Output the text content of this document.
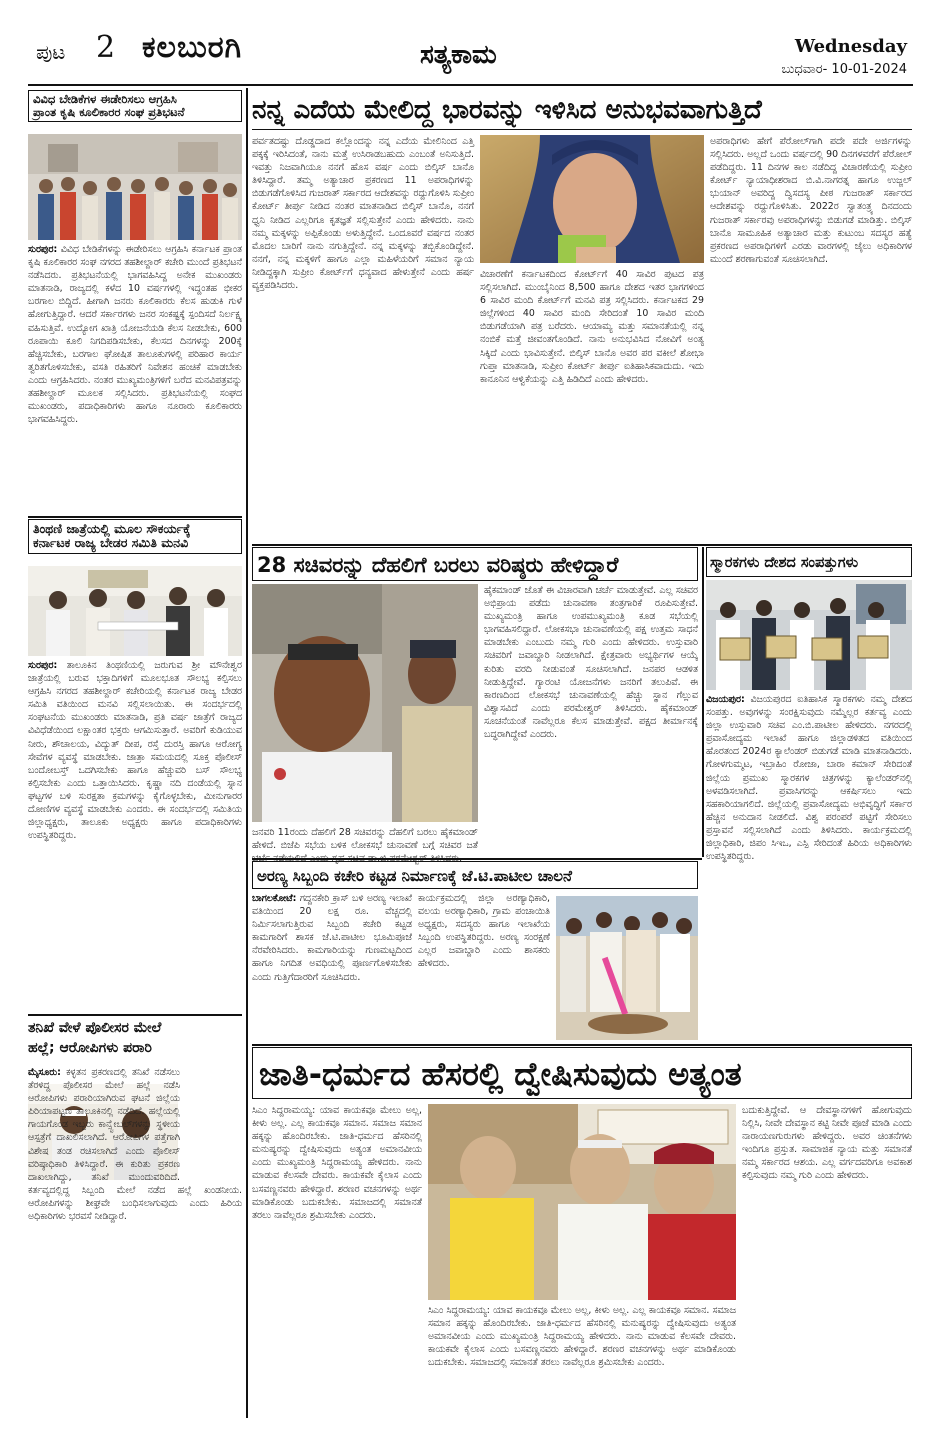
ಪುಟ 2 ಕಲಬುರಗಿ	ಸತ್ಯಕಾಮ	Wednesday
ಬುಧವಾರ- 10-01-2024
ವಿವಿಧ ಬೇಡಿಕೆಗಳ ಈಡೇರಿಸಲು ಆಗ್ರಹಿಸಿ
ಪ್ರಾಂತ ಕೃಷಿ ಕೂಲಿಕಾರರ ಸಂಘ ಪ್ರತಿಭಟನೆ
ಸುರಪುರ: ವಿವಿಧ ಬೇಡಿಕೆಗಳನ್ನು ಈಡೇರಿಸಲು ಆಗ್ರಹಿಸಿ ಕರ್ನಾಟಕ ಪ್ರಾಂತ ಕೃಷಿ ಕೂಲಿಕಾರರ ಸಂಘ ನಗರದ ತಹಶೀಲ್ದಾರ್ ಕಚೇರಿ ಮುಂದೆ ಪ್ರತಿಭಟನೆ ನಡೆಸಿದರು. ಪ್ರತಿಭಟನೆಯಲ್ಲಿ ಭಾಗವಹಿಸಿದ್ದ ಅನೇಕ ಮುಖಂಡರು ಮಾತನಾಡಿ, ರಾಜ್ಯದಲ್ಲಿ ಕಳೆದ 10 ವರ್ಷಗಳಲ್ಲಿ ಇದ್ದಂತಹ ಭೀಕರ ಬರಗಾಲ ಬಿದ್ದಿದೆ. ಹೀಗಾಗಿ ಜನರು ಕೂಲಿಕಾರರು ಕೆಲಸ ಹುಡುಕಿ ಗುಳೆ ಹೋಗುತ್ತಿದ್ದಾರೆ. ಆದರೆ ಸರ್ಕಾರಗಳು ಜನರ ಸಂಕಷ್ಟಕ್ಕೆ ಸ್ಪಂದಿಸದೆ ನಿರ್ಲಕ್ಷ್ಯ ವಹಿಸುತ್ತಿವೆ. ಉದ್ಯೋಗ ಖಾತ್ರಿ ಯೋಜನೆಯಡಿ ಕೆಲಸ ನೀಡಬೇಕು, 600 ರೂಪಾಯಿ ಕೂಲಿ ನಿಗದಿಪಡಿಸಬೇಕು, ಕೆಲಸದ ದಿನಗಳನ್ನು 200ಕ್ಕೆ ಹೆಚ್ಚಿಸಬೇಕು, ಬರಗಾಲ ಘೋಷಿತ ತಾಲೂಕುಗಳಲ್ಲಿ ಪರಿಹಾರ ಕಾರ್ಯ ತ್ವರಿತಗೊಳಿಸಬೇಕು, ವಸತಿ ರಹಿತರಿಗೆ ನಿವೇಶನ ಹಂಚಿಕೆ ಮಾಡಬೇಕು ಎಂದು ಆಗ್ರಹಿಸಿದರು. ನಂತರ ಮುಖ್ಯಮಂತ್ರಿಗಳಿಗೆ ಬರೆದ ಮನವಿಪತ್ರವನ್ನು ತಹಶೀಲ್ದಾರ್ ಮೂಲಕ ಸಲ್ಲಿಸಿದರು. ಪ್ರತಿಭಟನೆಯಲ್ಲಿ ಸಂಘದ ಮುಖಂಡರು, ಪದಾಧಿಕಾರಿಗಳು ಹಾಗೂ ನೂರಾರು ಕೂಲಿಕಾರರು ಭಾಗವಹಿಸಿದ್ದರು.
ತಿಂಥಣಿ ಜಾತ್ರೆಯಲ್ಲಿ ಮೂಲ ಸೌಕರ್ಯಕ್ಕೆ
ಕರ್ನಾಟಕ ರಾಜ್ಯ ಬೇಡರ ಸಮಿತಿ ಮನವಿ
ಸುರಪುರ: ತಾಲೂಕಿನ ತಿಂಥಣಿಯಲ್ಲಿ ಜರುಗುವ ಶ್ರೀ ಮೌನೇಶ್ವರ ಜಾತ್ರೆಯಲ್ಲಿ ಬರುವ ಭಕ್ತಾದಿಗಳಿಗೆ ಮೂಲಭೂತ ಸೌಲಭ್ಯ ಕಲ್ಪಿಸಲು ಆಗ್ರಹಿಸಿ ನಗರದ ತಹಶೀಲ್ದಾರ್ ಕಚೇರಿಯಲ್ಲಿ ಕರ್ನಾಟಕ ರಾಜ್ಯ ಬೇಡರ ಸಮಿತಿ ವತಿಯಿಂದ ಮನವಿ ಸಲ್ಲಿಸಲಾಯಿತು. ಈ ಸಂದರ್ಭದಲ್ಲಿ ಸಂಘಟನೆಯ ಮುಖಂಡರು ಮಾತನಾಡಿ, ಪ್ರತಿ ವರ್ಷ ಜಾತ್ರೆಗೆ ರಾಜ್ಯದ ವಿವಿಧೆಡೆಯಿಂದ ಲಕ್ಷಾಂತರ ಭಕ್ತರು ಆಗಮಿಸುತ್ತಾರೆ. ಅವರಿಗೆ ಕುಡಿಯುವ ನೀರು, ಶೌಚಾಲಯ, ವಿದ್ಯುತ್ ದೀಪ, ರಸ್ತೆ ದುರಸ್ತಿ ಹಾಗೂ ಆರೋಗ್ಯ ಸೇವೆಗಳ ವ್ಯವಸ್ಥೆ ಮಾಡಬೇಕು. ಜಾತ್ರಾ ಸಮಯದಲ್ಲಿ ಸೂಕ್ತ ಪೊಲೀಸ್ ಬಂದೋಬಸ್ತ್ ಒದಗಿಸಬೇಕು ಹಾಗೂ ಹೆಚ್ಚುವರಿ ಬಸ್ ಸೌಲಭ್ಯ ಕಲ್ಪಿಸಬೇಕು ಎಂದು ಒತ್ತಾಯಿಸಿದರು. ಕೃಷ್ಣಾ ನದಿ ದಂಡೆಯಲ್ಲಿ ಸ್ನಾನ ಘಟ್ಟಗಳ ಬಳಿ ಸುರಕ್ಷತಾ ಕ್ರಮಗಳನ್ನು ಕೈಗೊಳ್ಳಬೇಕು, ಮೀನುಗಾರರ ದೋಣಿಗಳ ವ್ಯವಸ್ಥೆ ಮಾಡಬೇಕು ಎಂದರು. ಈ ಸಂದರ್ಭದಲ್ಲಿ ಸಮಿತಿಯ ಜಿಲ್ಲಾಧ್ಯಕ್ಷರು, ತಾಲೂಕು ಅಧ್ಯಕ್ಷರು ಹಾಗೂ ಪದಾಧಿಕಾರಿಗಳು ಉಪಸ್ಥಿತರಿದ್ದರು.
ತನಿಖೆ ವೇಳೆ ಪೊಲೀಸರ ಮೇಲೆ
ಹಲ್ಲೆ; ಆರೋಪಿಗಳು ಪರಾರಿ
ಮೈಸೂರು: ಕಳ್ಳತನ ಪ್ರಕರಣದಲ್ಲಿ ತನಿಖೆ ನಡೆಸಲು ತೆರಳಿದ್ದ ಪೊಲೀಸರ ಮೇಲೆ ಹಲ್ಲೆ ನಡೆಸಿ ಆರೋಪಿಗಳು ಪರಾರಿಯಾಗಿರುವ ಘಟನೆ ಜಿಲ್ಲೆಯ ಪಿರಿಯಾಪಟ್ಟಣ ತಾಲೂಕಿನಲ್ಲಿ ನಡೆದಿದೆ. ಹಲ್ಲೆಯಲ್ಲಿ ಗಾಯಗೊಂಡ ಇಬ್ಬರು ಕಾನ್ಸ್ಟೇಬಲ್‌ಗಳನ್ನು ಸ್ಥಳೀಯ ಆಸ್ಪತ್ರೆಗೆ ದಾಖಲಿಸಲಾಗಿದೆ. ಆರೋಪಿಗಳ ಪತ್ತೆಗಾಗಿ ವಿಶೇಷ ತಂಡ ರಚಿಸಲಾಗಿದೆ ಎಂದು ಪೊಲೀಸ್ ವರಿಷ್ಠಾಧಿಕಾರಿ ತಿಳಿಸಿದ್ದಾರೆ. ಈ ಕುರಿತು ಪ್ರಕರಣ ದಾಖಲಾಗಿದ್ದು, ತನಿಖೆ ಮುಂದುವರಿದಿದೆ. ಕರ್ತವ್ಯದಲ್ಲಿದ್ದ ಸಿಬ್ಬಂದಿ ಮೇಲೆ ನಡೆದ ಹಲ್ಲೆ ಖಂಡನೀಯ. ಆರೋಪಿಗಳನ್ನು ಶೀಘ್ರವೇ ಬಂಧಿಸಲಾಗುವುದು ಎಂದು ಹಿರಿಯ ಅಧಿಕಾರಿಗಳು ಭರವಸೆ ನೀಡಿದ್ದಾರೆ.
ನನ್ನ ಎದೆಯ ಮೇಲಿದ್ದ ಭಾರವನ್ನು ಇಳಿಸಿದ ಅನುಭವವಾಗುತ್ತಿದೆ
ಪರ್ವತದಷ್ಟು ದೊಡ್ಡದಾದ ಕಲ್ಲೊಂದನ್ನು ನನ್ನ ಎದೆಯ ಮೇಲಿನಿಂದ ಎತ್ತಿ ಪಕ್ಕಕ್ಕೆ ಇರಿಸಿದಂತೆ, ನಾನು ಮತ್ತೆ ಉಸಿರಾಡಬಹುದು ಎಂಬಂತೆ ಅನಿಸುತ್ತಿದೆ. ಇವತ್ತು ನಿಜವಾಗಿಯೂ ನನಗೆ ಹೊಸ ವರ್ಷ ಎಂದು ಬಿಲ್ಕಿಸ್ ಬಾನೊ ತಿಳಿಸಿದ್ದಾರೆ. ತಮ್ಮ ಅತ್ಯಾಚಾರ ಪ್ರಕರಣದ 11 ಅಪರಾಧಿಗಳನ್ನು ಬಿಡುಗಡೆಗೊಳಿಸಿದ ಗುಜರಾತ್ ಸರ್ಕಾರದ ಆದೇಶವನ್ನು ರದ್ದುಗೊಳಿಸಿ ಸುಪ್ರೀಂ ಕೋರ್ಟ್ ತೀರ್ಪು ನೀಡಿದ ನಂತರ ಮಾತನಾಡಿದ ಬಿಲ್ಕಿಸ್ ಬಾನೊ, ನನಗೆ ಧ್ವನಿ ನೀಡಿದ ಎಲ್ಲರಿಗೂ ಕೃತಜ್ಞತೆ ಸಲ್ಲಿಸುತ್ತೇನೆ ಎಂದು ಹೇಳಿದರು. ನಾನು ನಮ್ಮ ಮಕ್ಕಳನ್ನು ಅಪ್ಪಿಕೊಂಡು ಅಳುತ್ತಿದ್ದೇನೆ. ಒಂದೂವರೆ ವರ್ಷದ ನಂತರ ಮೊದಲ ಬಾರಿಗೆ ನಾನು ನಗುತ್ತಿದ್ದೇನೆ. ನನ್ನ ಮಕ್ಕಳನ್ನು ತಬ್ಬಿಕೊಂಡಿದ್ದೇನೆ. ನನಗೆ, ನನ್ನ ಮಕ್ಕಳಿಗೆ ಹಾಗೂ ಎಲ್ಲಾ ಮಹಿಳೆಯರಿಗೆ ಸಮಾನ ನ್ಯಾಯ ನೀಡಿದ್ದಕ್ಕಾಗಿ ಸುಪ್ರೀಂ ಕೋರ್ಟ್‌ಗೆ ಧನ್ಯವಾದ ಹೇಳುತ್ತೇನೆ ಎಂದು ಹರ್ಷ ವ್ಯಕ್ತಪಡಿಸಿದರು.
ವಿಚಾರಣೆಗೆ ಕರ್ನಾಟಕದಿಂದ ಕೋರ್ಟ್‌ಗೆ 40 ಸಾವಿರ ಪುಟದ ಪತ್ರ ಸಲ್ಲಿಸಲಾಗಿದೆ. ಮುಂಬೈನಿಂದ 8,500 ಹಾಗೂ ದೇಶದ ಇತರ ಭಾಗಗಳಿಂದ 6 ಸಾವಿರ ಮಂದಿ ಕೋರ್ಟ್‌ಗೆ ಮನವಿ ಪತ್ರ ಸಲ್ಲಿಸಿದರು. ಕರ್ನಾಟಕದ 29 ಜಿಲ್ಲೆಗಳಿಂದ 40 ಸಾವಿರ ಮಂದಿ ಸೇರಿದಂತೆ 10 ಸಾವಿರ ಮಂದಿ ಬಿಡುಗಡೆಯಾಗಿ ಪತ್ರ ಬರೆದರು. ಆಯಾಮ್ಯ ಮತ್ತು ಸಮಾನತೆಯಲ್ಲಿ ನನ್ನ ನಂಬಿಕೆ ಮತ್ತೆ ಜೀವಂತಗೊಂಡಿದೆ. ನಾನು ಅನುಭವಿಸಿದ ನೋವಿಗೆ ಅಂತ್ಯ ಸಿಕ್ಕಿದೆ ಎಂದು ಭಾವಿಸುತ್ತೇನೆ. ಬಿಲ್ಕಿಸ್ ಬಾನೊ ಅವರ ಪರ ವಕೀಲೆ ಶೋಭಾ ಗುಪ್ತಾ ಮಾತನಾಡಿ, ಸುಪ್ರೀಂ ಕೋರ್ಟ್ ತೀರ್ಪು ಐತಿಹಾಸಿಕವಾದುದು. ಇದು ಕಾನೂನಿನ ಆಳ್ವಿಕೆಯನ್ನು ಎತ್ತಿ ಹಿಡಿದಿದೆ ಎಂದು ಹೇಳಿದರು.
ಅಪರಾಧಿಗಳು ಹೇಗೆ ಪೆರೋಲ್‌ಗಾಗಿ ಪದೇ ಪದೇ ಅರ್ಜಿಗಳನ್ನು ಸಲ್ಲಿಸಿದರು. ಅಲ್ಲದೆ ಒಂದು ವರ್ಷದಲ್ಲಿ 90 ದಿನಗಳವರೆಗೆ ಪೆರೋಲ್ ಪಡೆದಿದ್ದರು. 11 ದಿನಗಳ ಕಾಲ ನಡೆದಿದ್ದ ವಿಚಾರಣೆಯಲ್ಲಿ ಸುಪ್ರೀಂ ಕೋರ್ಟ್ ನ್ಯಾಯಾಧೀಶರಾದ ಬಿ.ವಿ.ನಾಗರತ್ನ ಹಾಗೂ ಉಜ್ಜಲ್ ಭುಯಾನ್ ಅವರಿದ್ದ ದ್ವಿಸದಸ್ಯ ಪೀಠ ಗುಜರಾತ್ ಸರ್ಕಾರದ ಆದೇಶವನ್ನು ರದ್ದುಗೊಳಿಸಿತು. 2022ರ ಸ್ವಾತಂತ್ರ್ಯ ದಿನದಂದು ಗುಜರಾತ್ ಸರ್ಕಾರವು ಅಪರಾಧಿಗಳನ್ನು ಬಿಡುಗಡೆ ಮಾಡಿತ್ತು. ಬಿಲ್ಕಿಸ್ ಬಾನೊ ಸಾಮೂಹಿಕ ಅತ್ಯಾಚಾರ ಮತ್ತು ಕುಟುಂಬ ಸದಸ್ಯರ ಹತ್ಯೆ ಪ್ರಕರಣದ ಅಪರಾಧಿಗಳಿಗೆ ಎರಡು ವಾರಗಳಲ್ಲಿ ಜೈಲು ಅಧಿಕಾರಿಗಳ ಮುಂದೆ ಶರಣಾಗುವಂತೆ ಸೂಚಿಸಲಾಗಿದೆ.
28 ಸಚಿವರನ್ನು ದೆಹಲಿಗೆ ಬರಲು ವರಿಷ್ಠರು ಹೇಳಿದ್ದಾರೆ
ಜನವರಿ 11ರಂದು ದೆಹಲಿಗೆ 28 ಸಚಿವರನ್ನು ದೆಹಲಿಗೆ ಬರಲು ಹೈಕಮಾಂಡ್ ಹೇಳಿದೆ. ಬಿಜೆಪಿ ಸಭೆಯ ಬಳಿಕ ಲೋಕಸಭೆ ಚುನಾವಣೆ ಬಗ್ಗೆ ಸಚಿವರ ಜತೆ
ಹೈಕಮಾಂಡ್ ಜೊತೆ ಈ ವಿಚಾರವಾಗಿ ಚರ್ಚೆ ಮಾಡುತ್ತೇವೆ. ಎಲ್ಲ ಸಚಿವರ ಅಭಿಪ್ರಾಯ ಪಡೆದು ಚುನಾವಣಾ ತಂತ್ರಗಾರಿಕೆ ರೂಪಿಸುತ್ತೇವೆ. ಮುಖ್ಯಮಂತ್ರಿ ಹಾಗೂ ಉಪಮುಖ್ಯಮಂತ್ರಿ ಕೂಡ ಸಭೆಯಲ್ಲಿ ಭಾಗವಹಿಸಲಿದ್ದಾರೆ. ಲೋಕಸಭಾ ಚುನಾವಣೆಯಲ್ಲಿ ಪಕ್ಷ ಉತ್ತಮ ಸಾಧನೆ ಮಾಡಬೇಕು ಎಂಬುದು ನಮ್ಮ ಗುರಿ ಎಂದು ಹೇಳಿದರು. ಉಸ್ತುವಾರಿ ಸಚಿವರಿಗೆ ಜವಾಬ್ದಾರಿ ನೀಡಲಾಗಿದೆ. ಕ್ಷೇತ್ರವಾರು ಅಭ್ಯರ್ಥಿಗಳ ಆಯ್ಕೆ ಕುರಿತು ವರದಿ ನೀಡುವಂತೆ ಸೂಚಿಸಲಾಗಿದೆ. ಜನಪರ ಆಡಳಿತ ನೀಡುತ್ತಿದ್ದೇವೆ. ಗ್ಯಾರಂಟಿ ಯೋಜನೆಗಳು ಜನರಿಗೆ ತಲುಪಿವೆ. ಈ ಕಾರಣದಿಂದ ಲೋಕಸಭೆ ಚುನಾವಣೆಯಲ್ಲಿ ಹೆಚ್ಚು ಸ್ಥಾನ ಗೆಲ್ಲುವ ವಿಶ್ವಾಸವಿದೆ ಎಂದು ಪರಮೇಶ್ವರ್ ತಿಳಿಸಿದರು. ಹೈಕಮಾಂಡ್ ಸೂಚನೆಯಂತೆ ನಾವೆಲ್ಲರೂ ಕೆಲಸ ಮಾಡುತ್ತೇವೆ. ಪಕ್ಷದ ತೀರ್ಮಾನಕ್ಕೆ ಬದ್ಧರಾಗಿದ್ದೇವೆ ಎಂದರು.
ಸ್ಮಾರಕಗಳು ದೇಶದ ಸಂಪತ್ತುಗಳು
ವಿಜಯಪುರ: ವಿಜಯಪುರದ ಐತಿಹಾಸಿಕ ಸ್ಮಾರಕಗಳು ನಮ್ಮ ದೇಶದ ಸಂಪತ್ತು. ಅವುಗಳನ್ನು ಸಂರಕ್ಷಿಸುವುದು ನಮ್ಮೆಲ್ಲರ ಕರ್ತವ್ಯ ಎಂದು ಜಿಲ್ಲಾ ಉಸ್ತುವಾರಿ ಸಚಿವ ಎಂ.ಬಿ.ಪಾಟೀಲ ಹೇಳಿದರು. ನಗರದಲ್ಲಿ ಪ್ರವಾಸೋದ್ಯಮ ಇಲಾಖೆ ಹಾಗೂ ಜಿಲ್ಲಾಡಳಿತದ ವತಿಯಿಂದ ಹೊರತಂದ 2024ರ ಕ್ಯಾಲೆಂಡರ್ ಬಿಡುಗಡೆ ಮಾಡಿ ಮಾತನಾಡಿದರು. ಗೋಳಗುಮ್ಮಟ, ಇಬ್ರಾಹಿಂ ರೋಜಾ, ಬಾರಾ ಕಮಾನ್ ಸೇರಿದಂತೆ ಜಿಲ್ಲೆಯ ಪ್ರಮುಖ ಸ್ಮಾರಕಗಳ ಚಿತ್ರಗಳನ್ನು ಕ್ಯಾಲೆಂಡರ್‌ನಲ್ಲಿ ಅಳವಡಿಸಲಾಗಿದೆ. ಪ್ರವಾಸಿಗರನ್ನು ಆಕರ್ಷಿಸಲು ಇದು ಸಹಕಾರಿಯಾಗಲಿದೆ. ಜಿಲ್ಲೆಯಲ್ಲಿ ಪ್ರವಾಸೋದ್ಯಮ ಅಭಿವೃದ್ಧಿಗೆ ಸರ್ಕಾರ ಹೆಚ್ಚಿನ ಅನುದಾನ ನೀಡಲಿದೆ. ವಿಶ್ವ ಪರಂಪರೆ ಪಟ್ಟಿಗೆ ಸೇರಿಸಲು ಪ್ರಸ್ತಾವನೆ ಸಲ್ಲಿಸಲಾಗಿದೆ ಎಂದು ತಿಳಿಸಿದರು. ಕಾರ್ಯಕ್ರಮದಲ್ಲಿ ಜಿಲ್ಲಾಧಿಕಾರಿ, ಜಿಪಂ ಸಿಇಒ, ಎಸ್ಪಿ ಸೇರಿದಂತೆ ಹಿರಿಯ ಅಧಿಕಾರಿಗಳು ಉಪಸ್ಥಿತರಿದ್ದರು.
ಅರಣ್ಯ ಸಿಬ್ಬಂದಿ ಕಚೇರಿ ಕಟ್ಟಡ ನಿರ್ಮಾಣಕ್ಕೆ ಜೆ.ಟಿ.ಪಾಟೀಲ ಚಾಲನೆ
ಬಾಗಲಕೋಟೆ: ಗದ್ದನಕೇರಿ ಕ್ರಾಸ್ ಬಳಿ ಅರಣ್ಯ ಇಲಾಖೆ ವತಿಯಿಂದ 20 ಲಕ್ಷ ರೂ. ವೆಚ್ಚದಲ್ಲಿ ನಿರ್ಮಿಸಲಾಗುತ್ತಿರುವ ಸಿಬ್ಬಂದಿ ಕಚೇರಿ ಕಟ್ಟಡ ಕಾಮಗಾರಿಗೆ ಶಾಸಕ ಜೆ.ಟಿ.ಪಾಟೀಲ ಭೂಮಿಪೂಜೆ ನೆರವೇರಿಸಿದರು. ಕಾಮಗಾರಿಯನ್ನು ಗುಣಮಟ್ಟದಿಂದ ಹಾಗೂ ನಿಗದಿತ ಅವಧಿಯಲ್ಲಿ ಪೂರ್ಣಗೊಳಿಸಬೇಕು ಎಂದು ಗುತ್ತಿಗೆದಾರರಿಗೆ ಸೂಚಿಸಿದರು.
ಕಾರ್ಯಕ್ರಮದಲ್ಲಿ ಜಿಲ್ಲಾ ಅರಣ್ಯಾಧಿಕಾರಿ, ವಲಯ ಅರಣ್ಯಾಧಿಕಾರಿ, ಗ್ರಾಮ ಪಂಚಾಯಿತಿ ಅಧ್ಯಕ್ಷರು, ಸದಸ್ಯರು ಹಾಗೂ ಇಲಾಖೆಯ ಸಿಬ್ಬಂದಿ ಉಪಸ್ಥಿತರಿದ್ದರು. ಅರಣ್ಯ ಸಂರಕ್ಷಣೆ ಎಲ್ಲರ ಜವಾಬ್ದಾರಿ ಎಂದು ಶಾಸಕರು ಹೇಳಿದರು.
ಜಾತಿ-ಧರ್ಮದ ಹೆಸರಲ್ಲಿ ದ್ವೇಷಿಸುವುದು ಅತ್ಯಂತ
ಸಿಎಂ ಸಿದ್ದರಾಮಯ್ಯ: ಯಾವ ಕಾಯಕವೂ ಮೇಲು ಅಲ್ಲ, ಕೀಳು ಅಲ್ಲ. ಎಲ್ಲ ಕಾಯಕವೂ ಸಮಾನ. ಸಮಾಜ ಸಮಾನ ಹಕ್ಕನ್ನು ಹೊಂದಿರಬೇಕು. ಜಾತಿ-ಧರ್ಮದ ಹೆಸರಿನಲ್ಲಿ ಮನುಷ್ಯರನ್ನು ದ್ವೇಷಿಸುವುದು ಅತ್ಯಂತ ಅಮಾನವೀಯ ಎಂದು ಮುಖ್ಯಮಂತ್ರಿ ಸಿದ್ದರಾಮಯ್ಯ ಹೇಳಿದರು. ನಾನು ಮಾಡುವ ಕೆಲಸವೇ ದೇವರು. ಕಾಯಕವೇ ಕೈಲಾಸ ಎಂದು ಬಸವಣ್ಣನವರು ಹೇಳಿದ್ದಾರೆ. ಶರಣರ ವಚನಗಳನ್ನು ಅರ್ಥ ಮಾಡಿಕೊಂಡು ಬದುಕಬೇಕು. ಸಮಾಜದಲ್ಲಿ ಸಮಾನತೆ ತರಲು ನಾವೆಲ್ಲರೂ ಶ್ರಮಿಸಬೇಕು ಎಂದರು.
ಸಿಎಂ ಸಿದ್ದರಾಮಯ್ಯ: ಯಾವ ಕಾಯಕವೂ ಮೇಲು ಅಲ್ಲ, ಕೀಳು ಅಲ್ಲ. ಎಲ್ಲ ಕಾಯಕವೂ ಸಮಾನ. ಸಮಾಜ ಸಮಾನ ಹಕ್ಕನ್ನು ಹೊಂದಿರಬೇಕು. ಜಾತಿ-ಧರ್ಮದ ಹೆಸರಿನಲ್ಲಿ ಮನುಷ್ಯರನ್ನು ದ್ವೇಷಿಸುವುದು ಅತ್ಯಂತ ಅಮಾನವೀಯ ಎಂದು ಮುಖ್ಯಮಂತ್ರಿ ಸಿದ್ದರಾಮಯ್ಯ ಹೇಳಿದರು. ನಾನು ಮಾಡುವ ಕೆಲಸವೇ ದೇವರು. ಕಾಯಕವೇ ಕೈಲಾಸ ಎಂದು ಬಸವಣ್ಣನವರು ಹೇಳಿದ್ದಾರೆ. ಶರಣರ ವಚನಗಳನ್ನು ಅರ್ಥ ಮಾಡಿಕೊಂಡು ಬದುಕಬೇಕು. ಸಮಾಜದಲ್ಲಿ ಸಮಾನತೆ ತರಲು ನಾವೆಲ್ಲರೂ ಶ್ರಮಿಸಬೇಕು ಎಂದರು.
ಬದುಕುತ್ತಿದ್ದೇವೆ. ಆ ದೇವಸ್ಥಾನಗಳಿಗೆ ಹೋಗುವುದು ನಿಲ್ಲಿಸಿ, ನೀವೇ ದೇವಸ್ಥಾನ ಕಟ್ಟಿ ನೀವೇ ಪೂಜೆ ಮಾಡಿ ಎಂದು ನಾರಾಯಣಗುರುಗಳು ಹೇಳಿದ್ದರು. ಅವರ ಚಿಂತನೆಗಳು ಇಂದಿಗೂ ಪ್ರಸ್ತುತ. ಸಾಮಾಜಿಕ ನ್ಯಾಯ ಮತ್ತು ಸಮಾನತೆ ನಮ್ಮ ಸರ್ಕಾರದ ಆಶಯ. ಎಲ್ಲ ವರ್ಗದವರಿಗೂ ಅವಕಾಶ ಕಲ್ಪಿಸುವುದು ನಮ್ಮ ಗುರಿ ಎಂದು ಹೇಳಿದರು.
